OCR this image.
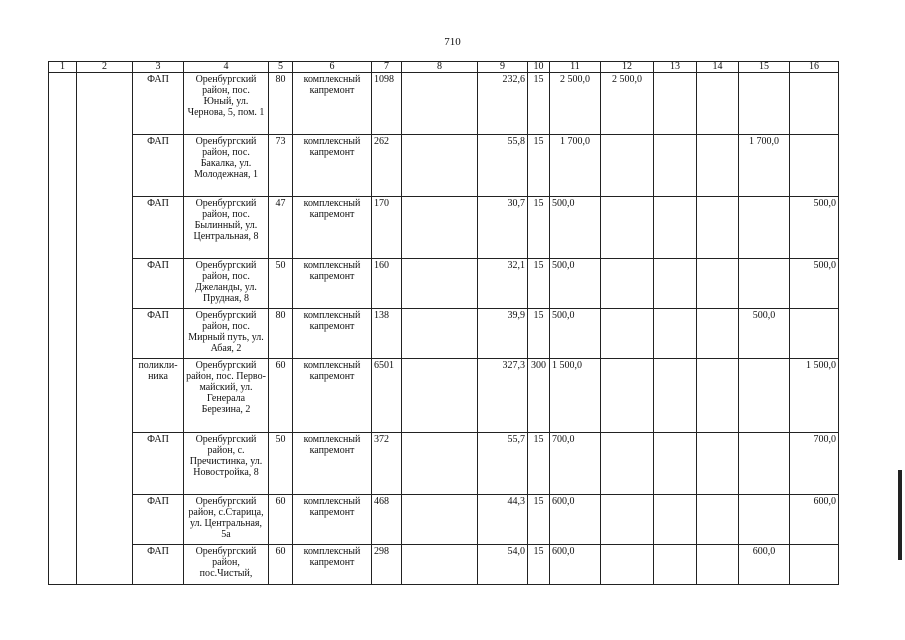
710
1	2	3	4	5	6	7	8	9	10	11	12	13	14	15	16
		ФАП	Оренбургский район, пос. Юный, ул. Чернова, 5, пом. 1	80	комплексный капремонт	1098		232,6	15	2 500,0	2 500,0				
		ФАП	Оренбургский район, пос. Бакалка, ул. Молодежная, 1	73	комплексный капремонт	262		55,8	15	1 700,0				1 700,0	
		ФАП	Оренбургский район, пос. Былинный, ул. Центральная, 8	47	комплексный капремонт	170		30,7	15	500,0					500,0
		ФАП	Оренбургский район, пос. Джеланды, ул. Прудная, 8	50	комплексный капремонт	160		32,1	15	500,0					500,0
		ФАП	Оренбургский район, пос. Мирный путь, ул. Абая, 2	80	комплексный капремонт	138		39,9	15	500,0				500,0	
		поликли- ника	Оренбургский район, пос. Перво- майский, ул. Генерала Березина, 2	60	комплексный капремонт	6501		327,3	300	1 500,0					1 500,0
		ФАП	Оренбургский район, с. Пречистинка, ул. Новостройка, 8	50	комплексный капремонт	372		55,7	15	700,0					700,0
		ФАП	Оренбургский район, с.Старица, ул. Центральная, 5а	60	комплексный капремонт	468		44,3	15	600,0					600,0
		ФАП	Оренбургский район, пос.Чистый,	60	комплексный капремонт	298		54,0	15	600,0				600,0	
